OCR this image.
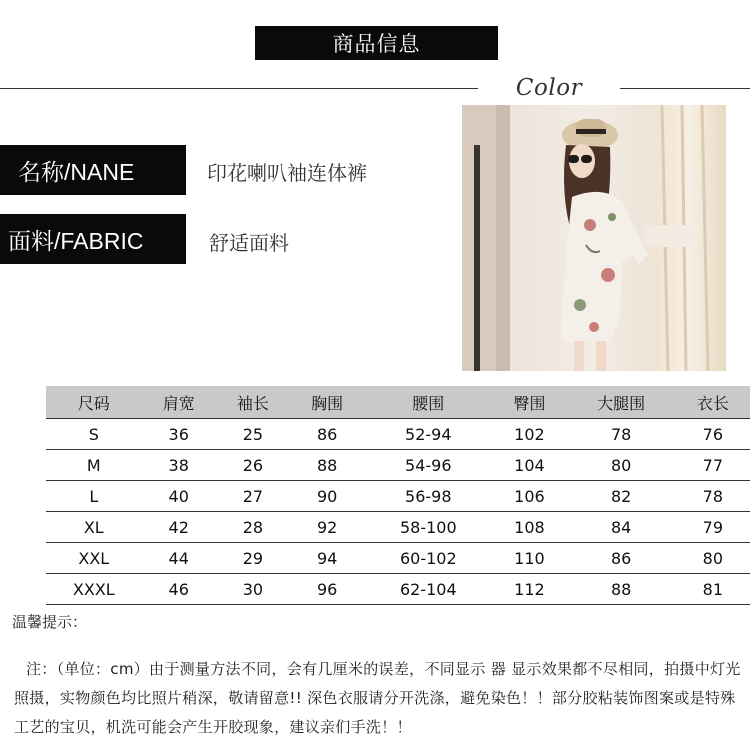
商品信息
Color
名称/NANE	印花喇叭袖连体裤
面料/FABRIC	舒适面料
尺码	肩宽	袖长	胸围	腰围	臀围	大腿围	衣长
S	36	25	86	52-94	102	78	76
M	38	26	88	54-96	104	80	77
L	40	27	90	56-98	106	82	78
XL	42	28	92	58-100	108	84	79
XXL	44	29	94	60-102	110	86	80
XXXL	46	30	96	62-104	112	88	81
温馨提示：
注：（单位：cm）由于测量方法不同，会有几厘米的误差，不同显示 器 显示效果都不尽相同，拍摄中灯光照摄，实物颜色均比照片稍深，敬请留意!! 深色衣服请分开洗涤，避免染色！！部分胶粘装饰图案或是特殊工艺的宝贝，机洗可能会产生开胶现象，建议亲们手洗！！
